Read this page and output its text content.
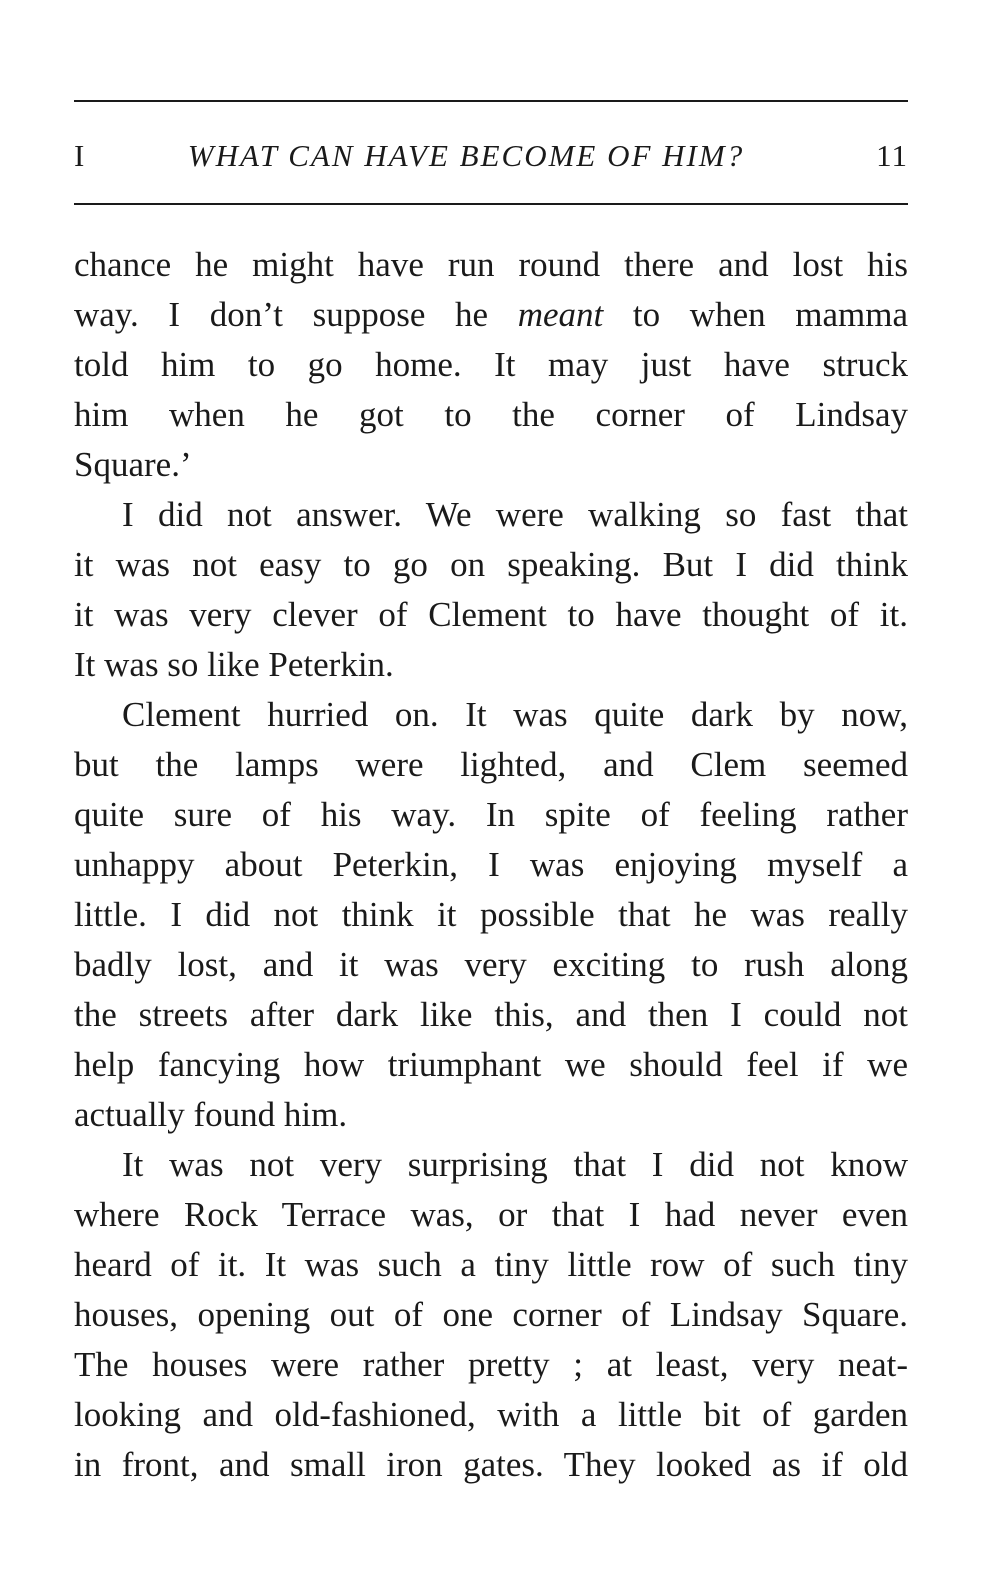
I	WHAT CAN HAVE BECOME OF HIM?	11
chance he might have run round there and lost his
way. I don’t suppose he meant to when mamma
told him to go home. It may just have struck
him when he got to the corner of Lindsay
Square.’
I did not answer. We were walking so fast that
it was not easy to go on speaking. But I did think
it was very clever of Clement to have thought of it.
It was so like Peterkin.
Clement hurried on. It was quite dark by now,
but the lamps were lighted, and Clem seemed
quite sure of his way. In spite of feeling rather
unhappy about Peterkin, I was enjoying myself a
little. I did not think it possible that he was really
badly lost, and it was very exciting to rush along
the streets after dark like this, and then I could not
help fancying how triumphant we should feel if we
actually found him.
It was not very surprising that I did not know
where Rock Terrace was, or that I had never even
heard of it. It was such a tiny little row of such tiny
houses, opening out of one corner of Lindsay Square.
The houses were rather pretty ; at least, very neat-
looking and old-fashioned, with a little bit of garden
in front, and small iron gates. They looked as if old
